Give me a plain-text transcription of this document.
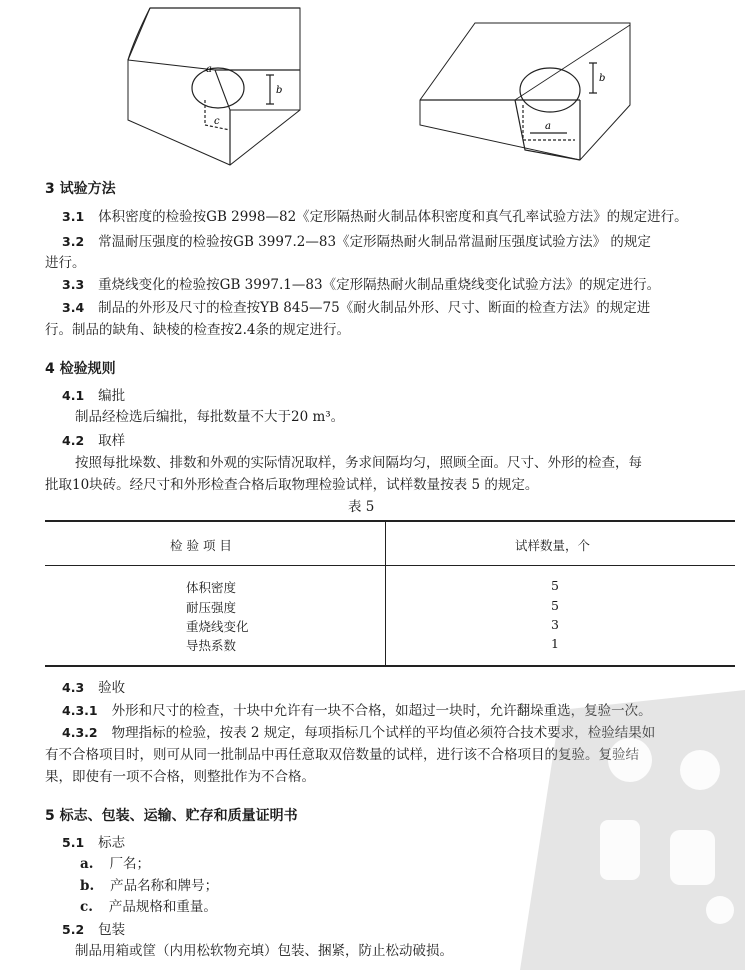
a
b
c	a
b
3 试验方法
3.1 体积密度的检验按GB 2998—82《定形隔热耐火制品体积密度和真气孔率试验方法》的规定进行。
3.2 常温耐压强度的检验按GB 3997.2—83《定形隔热耐火制品常温耐压强度试验方法》 的规定
进行。
3.3 重烧线变化的检验按GB 3997.1—83《定形隔热耐火制品重烧线变化试验方法》的规定进行。
3.4 制品的外形及尺寸的检查按YB 845—75《耐火制品外形、尺寸、断面的检查方法》的规定进
行。制品的缺角、缺棱的检查按2.4条的规定进行。
4 检验规则
4.1 编批
制品经检选后编批，每批数量不大于20 m³。
4.2 取样
按照每批垛数、排数和外观的实际情况取样，务求间隔均匀，照顾全面。尺寸、外形的检查，每
批取10块砖。经尺寸和外形检查合格后取物理检验试样，试样数量按表 5 的规定。
表 5
检 验 项 目	试样数量，个
体积密度	5
耐压强度	5
重烧线变化	3
导热系数	1
4.3 验收
4.3.1 外形和尺寸的检查，十块中允许有一块不合格，如超过一块时，允许翻垛重选，复验一次。
4.3.2 物理指标的检验，按表 2 规定，每项指标几个试样的平均值必须符合技术要求，检验结果如
有不合格项目时，则可从同一批制品中再任意取双倍数量的试样，进行该不合格项目的复验。复验结
果，即使有一项不合格，则整批作为不合格。
5 标志、包装、运输、贮存和质量证明书
5.1 标志
a. 厂名；
b. 产品名称和牌号；
c. 产品规格和重量。
5.2 包装
制品用箱或筐（内用松软物充填）包装、捆紧，防止松动破损。
